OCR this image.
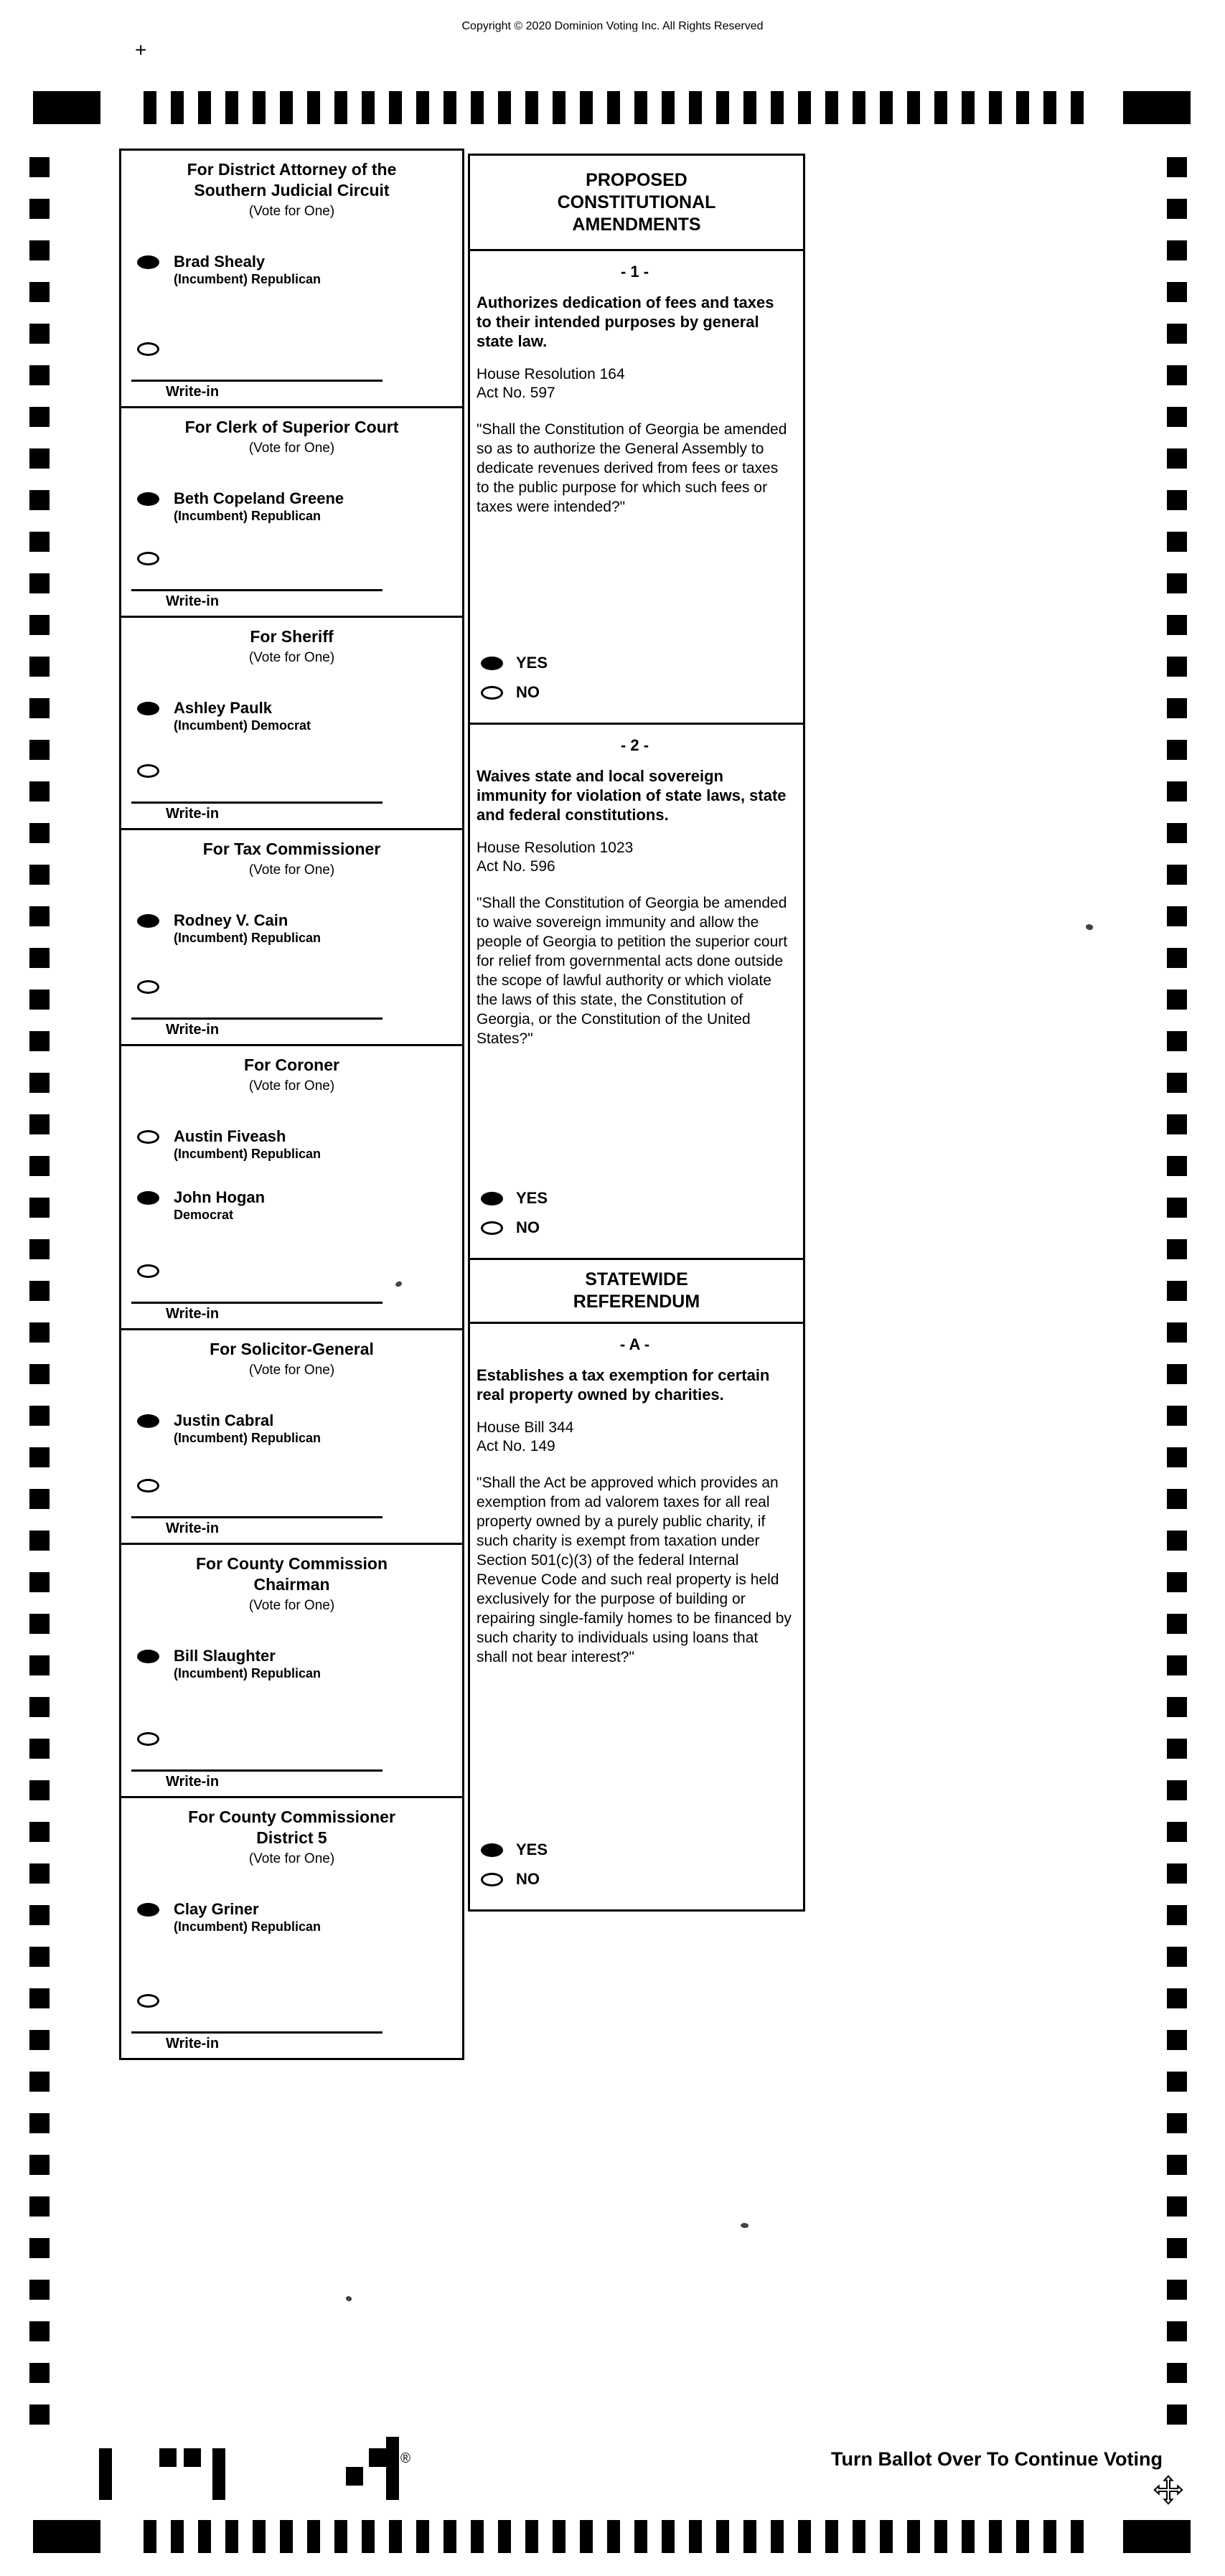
Copyright © 2020 Dominion Voting Inc. All Rights Reserved
+
For District Attorney of the Southern Judicial Circuit
(Vote for One)
Brad Shealy
(Incumbent) Republican
Write-in
For Clerk of Superior Court
(Vote for One)
Beth Copeland Greene
(Incumbent) Republican
Write-in
For Sheriff
(Vote for One)
Ashley Paulk
(Incumbent) Democrat
Write-in
For Tax Commissioner
(Vote for One)
Rodney V. Cain
(Incumbent) Republican
Write-in
For Coroner
(Vote for One)
Austin Fiveash
(Incumbent) Republican
John Hogan
Democrat
Write-in
For Solicitor-General
(Vote for One)
Justin Cabral
(Incumbent) Republican
Write-in
For County Commission Chairman
(Vote for One)
Bill Slaughter
(Incumbent) Republican
Write-in
For County Commissioner District 5
(Vote for One)
Clay Griner
(Incumbent) Republican
Write-in
PROPOSED CONSTITUTIONAL AMENDMENTS
- 1 -
Authorizes dedication of fees and taxes to their intended purposes by general state law.
House Resolution 164
Act No. 597
"Shall the Constitution of Georgia be amended so as to authorize the General Assembly to dedicate revenues derived from fees or taxes to the public purpose for which such fees or taxes were intended?"
YES
NO
- 2 -
Waives state and local sovereign immunity for violation of state laws, state and federal constitutions.
House Resolution 1023
Act No. 596
"Shall the Constitution of Georgia be amended to waive sovereign immunity and allow the people of Georgia to petition the superior court for relief from governmental acts done outside the scope of lawful authority or which violate the laws of this state, the Constitution of Georgia, or the Constitution of the United States?"
YES
NO
STATEWIDE REFERENDUM
- A -
Establishes a tax exemption for certain real property owned by charities.
House Bill 344
Act No. 149
"Shall the Act be approved which provides an exemption from ad valorem taxes for all real property owned by a purely public charity, if such charity is exempt from taxation under Section 501(c)(3) of the federal Internal Revenue Code and such real property is held exclusively for the purpose of building or repairing single-family homes to be financed by such charity to individuals using loans that shall not bear interest?"
YES
NO
Turn Ballot Over To Continue Voting
®
